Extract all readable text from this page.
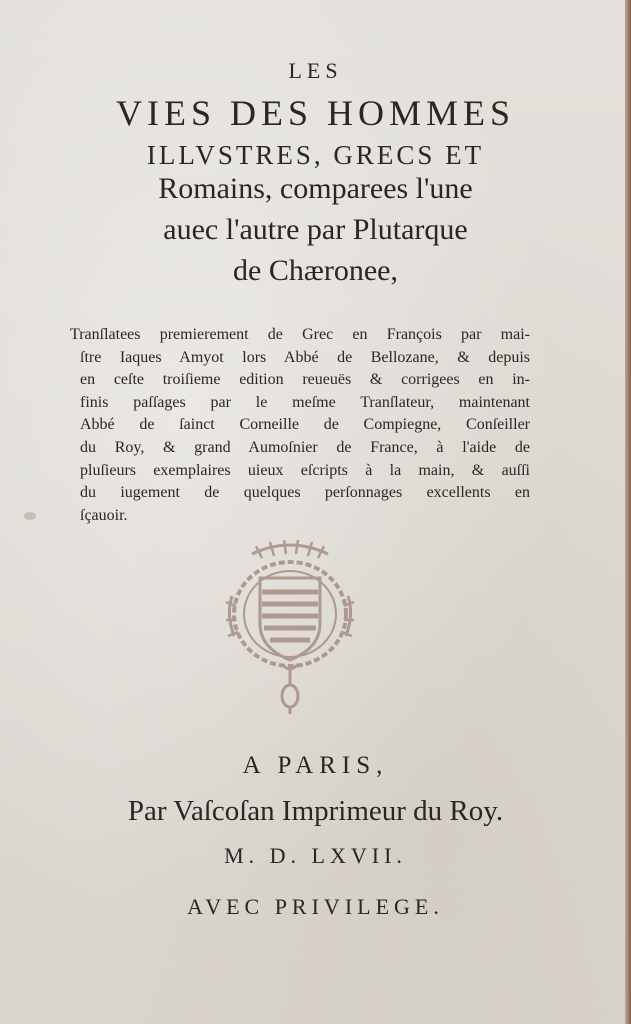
LES
VIES DES HOMMES
ILLVSTRES, GRECS ET
Romains, comparees l'une
auec l'autre par Plutarque
de Chæronee,
Tranſlatees premierement de Grec en François par mai-
ſtre Iaques Amyot lors Abbé de Bellozane, & depuis
en ceſte troiſieme edition reueuës & corrigees en in-
finis paſſages par le meſme Tranſlateur, maintenant
Abbé de ſainct Corneille de Compiegne, Conſeiller
du Roy, & grand Aumoſnier de France, à l'aide de
pluſieurs exemplaires uieux eſcripts à la main, & auſſi
du iugement de quelques perſonnages excellents en
ſçauoir.
A PARIS,
Par Vaſcoſan Imprimeur du Roy.
M. D. LXVII.
AVEC PRIVILEGE.
